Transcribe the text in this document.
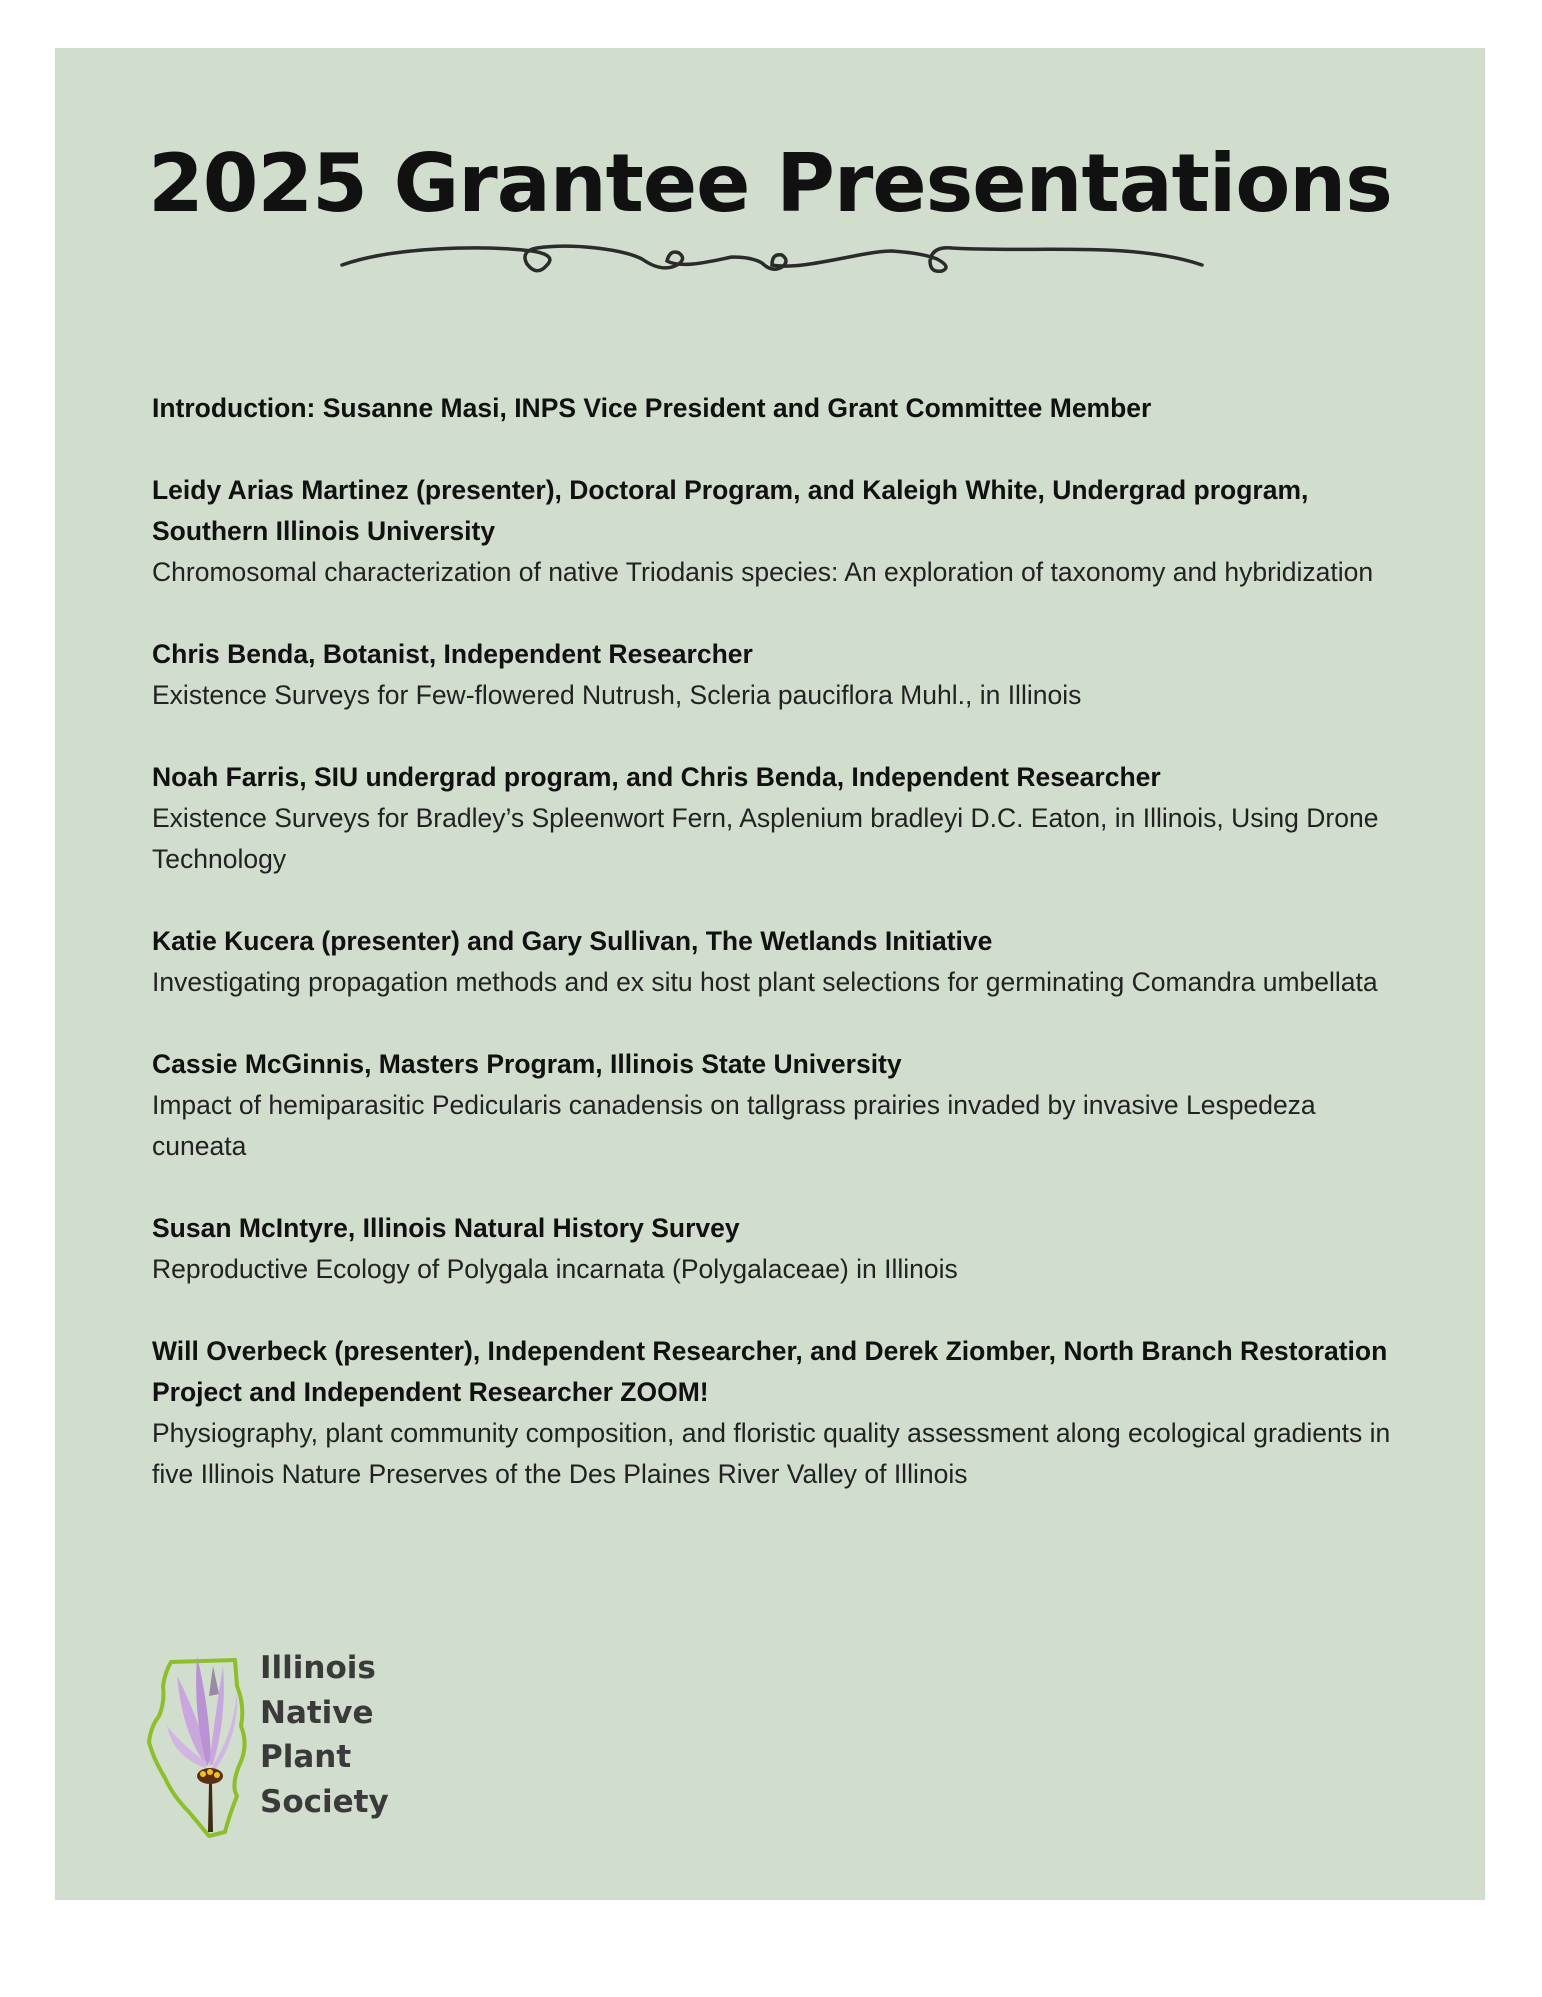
2025 Grantee Presentations

Introduction: Susanne Masi, INPS Vice President and Grant Committee Member

Leidy Arias Martinez (presenter), Doctoral Program, and Kaleigh White, Undergrad program, Southern Illinois University

Chromosomal characterization of native Triodanis species: An exploration of taxonomy and hybridization

Chris Benda, Botanist, Independent Researcher

Existence Surveys for Few-flowered Nutrush, Scleria pauciflora Muhl., in Illinois

Noah Farris, SIU undergrad program, and Chris Benda, Independent Researcher

Existence Surveys for Bradley’s Spleenwort Fern, Asplenium bradleyi D.C. Eaton, in Illinois, Using Drone Technology

Katie Kucera (presenter) and Gary Sullivan, The Wetlands Initiative

Investigating propagation methods and ex situ host plant selections for germinating Comandra umbellata

Cassie McGinnis, Masters Program, Illinois State University

Impact of hemiparasitic Pedicularis canadensis on tallgrass prairies invaded by invasive Lespedeza cuneata

Susan McIntyre, Illinois Natural History Survey

Reproductive Ecology of Polygala incarnata (Polygalaceae) in Illinois

Will Overbeck (presenter), Independent Researcher, and Derek Ziomber, North Branch Restoration Project and Independent Researcher ZOOM!

Physiography, plant community composition, and floristic quality assessment along ecological gradients in five Illinois Nature Preserves of the Des Plaines River Valley of Illinois

Illinois
Native
Plant
Society
